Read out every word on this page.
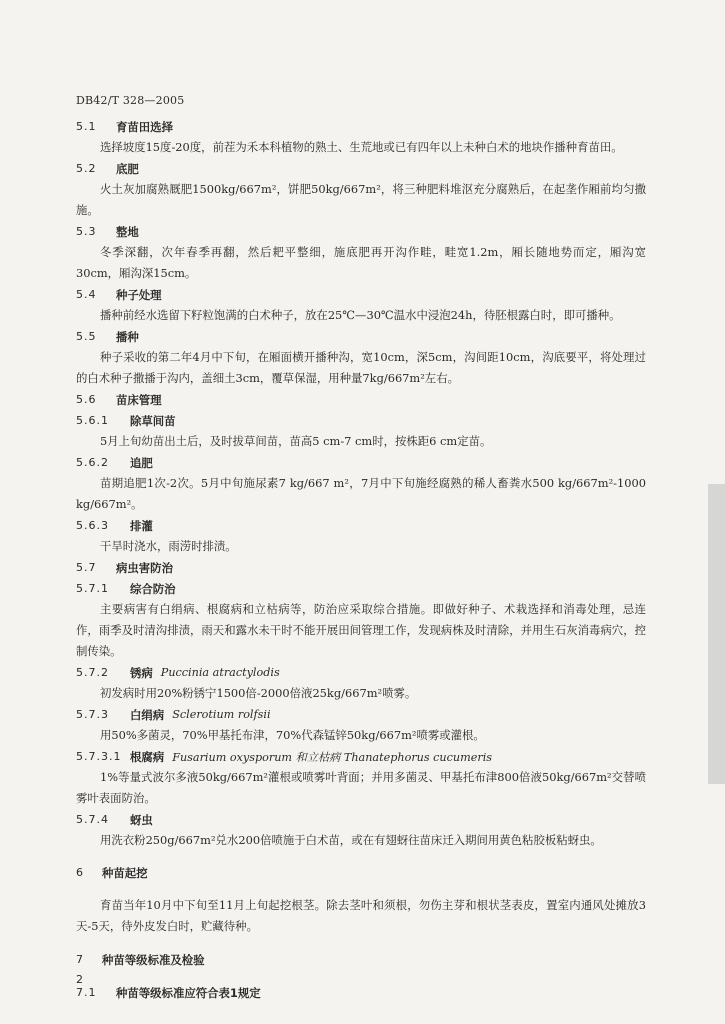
DB42/T 328—2005
5.1	育苗田选择
选择坡度15度-20度，前茬为禾本科植物的熟土、生荒地或已有四年以上未种白术的地块作播种育苗田。
5.2	底肥
火土灰加腐熟厩肥1500kg/667m²，饼肥50kg/667m²，将三种肥料堆沤充分腐熟后，在起垄作厢前均匀撒施。
5.3	整地
冬季深翻，次年春季再翻，然后耙平整细，施底肥再开沟作畦，畦宽1.2m，厢长随地势而定，厢沟宽30cm，厢沟深15cm。
5.4	种子处理
播种前经水选留下籽粒饱满的白术种子，放在25℃—30℃温水中浸泡24h，待胚根露白时，即可播种。
5.5	播种
种子采收的第二年4月中下旬，在厢面横开播种沟，宽10cm，深5cm，沟间距10cm，沟底要平，将处理过的白术种子撒播于沟内，盖细土3cm，覆草保湿，用种量7kg/667m²左右。
5.6	苗床管理
5.6.1	除草间苗
5月上旬幼苗出土后，及时拔草间苗，苗高5 cm-7 cm时，按株距6 cm定苗。
5.6.2	追肥
苗期追肥1次-2次。5月中旬施尿素7 kg/667 m²，7月中下旬施经腐熟的稀人畜粪水500 kg/667m²-1000 kg/667m²。
5.6.3	排灌
干旱时浇水，雨涝时排渍。
5.7	病虫害防治
5.7.1	综合防治
主要病害有白绢病、根腐病和立枯病等，防治应采取综合措施。即做好种子、术栽选择和消毒处理，忌连作，雨季及时清沟排渍，雨天和露水未干时不能开展田间管理工作，发现病株及时清除，并用生石灰消毒病穴，控制传染。
5.7.2	锈病 Puccinia atractylodis
初发病时用20%粉锈宁1500倍-2000倍液25kg/667m²喷雾。
5.7.3	白绢病 Sclerotium rolfsii
用50%多菌灵，70%甲基托布津，70%代森锰锌50kg/667m²喷雾或灌根。
5.7.3.1 根腐病 Fusarium oxysporum 和立枯病 Thanatephorus cucumeris
1%等量式波尔多液50kg/667m²灌根或喷雾叶背面；并用多菌灵、甲基托布津800倍液50kg/667m²交替喷雾叶表面防治。
5.7.4	蚜虫
用洗衣粉250g/667m²兑水200倍喷施于白术苗，或在有翅蚜往苗床迁入期间用黄色粘胶板粘蚜虫。
6	种苗起挖
育苗当年10月中下旬至11月上旬起挖根茎。除去茎叶和须根，勿伤主芽和根状茎表皮，置室内通风处摊放3天-5天，待外皮发白时，贮藏待种。
7	种苗等级标准及检验
7.1	种苗等级标准应符合表1规定
2
